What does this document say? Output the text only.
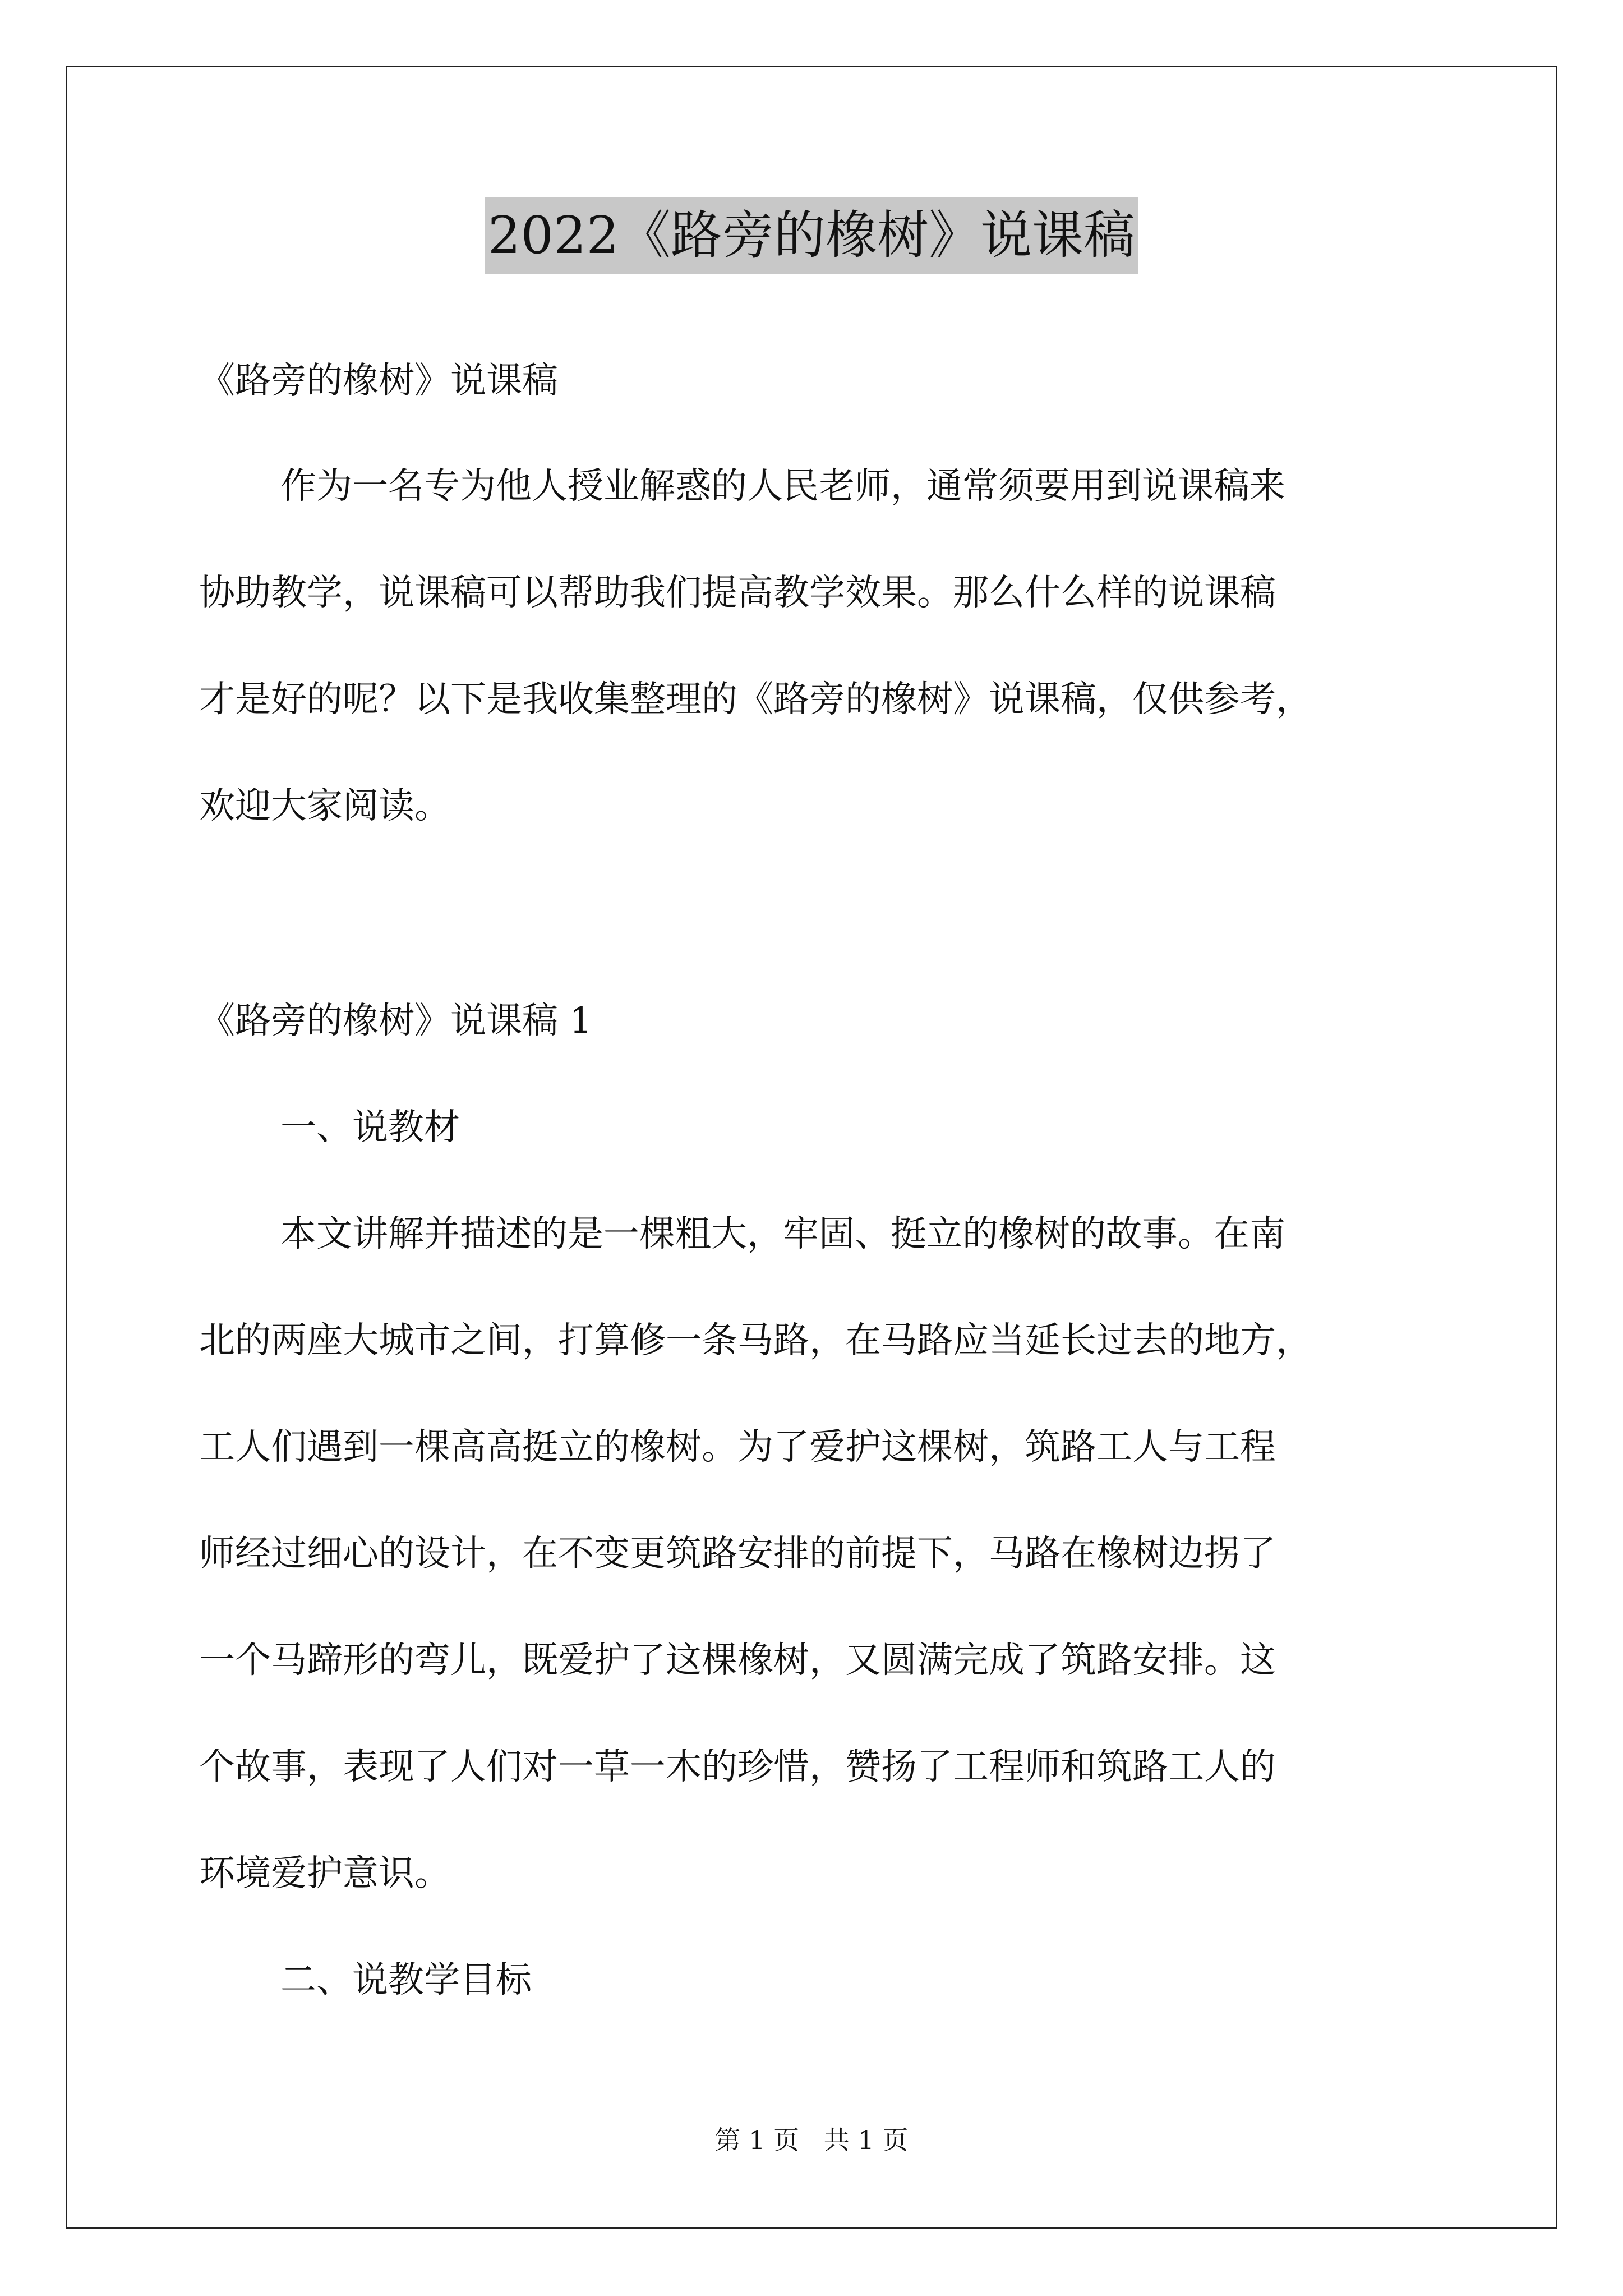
2022《路旁的橡树》说课稿
《路旁的橡树》说课稿
作为一名专为他人授业解惑的人民老师，通常须要用到说课稿来
协助教学，说课稿可以帮助我们提高教学效果。那么什么样的说课稿
才是好的呢？以下是我收集整理的《路旁的橡树》说课稿，仅供参考，
欢迎大家阅读。
《路旁的橡树》说课稿 1
一、说教材
本文讲解并描述的是一棵粗大，牢固、挺立的橡树的故事。在南
北的两座大城市之间，打算修一条马路，在马路应当延长过去的地方，
工人们遇到一棵高高挺立的橡树。为了爱护这棵树，筑路工人与工程
师经过细心的设计，在不变更筑路安排的前提下，马路在橡树边拐了
一个马蹄形的弯儿，既爱护了这棵橡树，又圆满完成了筑路安排。这
个故事，表现了人们对一草一木的珍惜，赞扬了工程师和筑路工人的
环境爱护意识。
二、说教学目标
第 1 页   共 1 页
